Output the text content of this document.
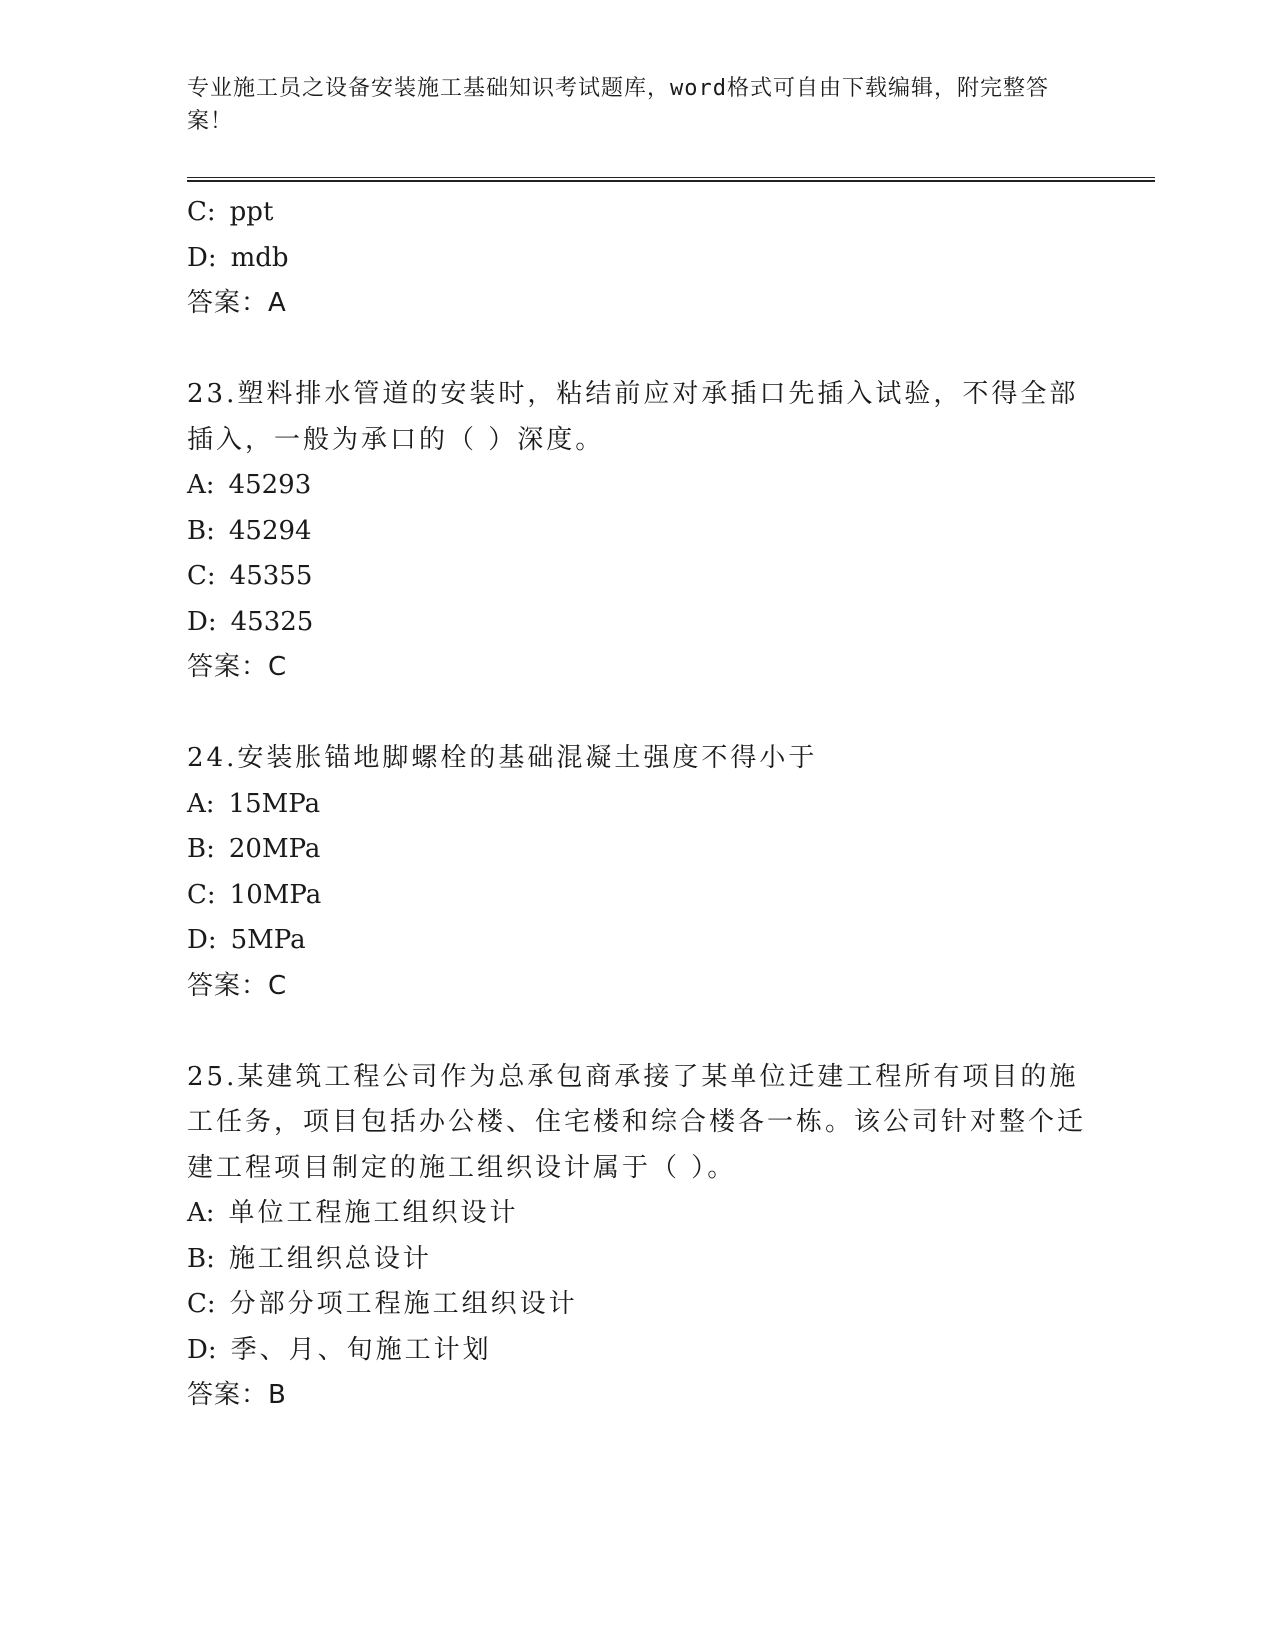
专业施工员之设备安装施工基础知识考试题库，word格式可自由下载编辑，附完整答案！
C: ppt
D: mdb
答案：A
23.塑料排水管道的安装时，粘结前应对承插口先插入试验，不得全部插入，一般为承口的（ ）深度。
A: 45293
B: 45294
C: 45355
D: 45325
答案：C
24.安装胀锚地脚螺栓的基础混凝土强度不得小于
A: 15MPa
B: 20MPa
C: 10MPa
D: 5MPa
答案：C
25.某建筑工程公司作为总承包商承接了某单位迁建工程所有项目的施工任务，项目包括办公楼、住宅楼和综合楼各一栋。该公司针对整个迁建工程项目制定的施工组织设计属于（ ）。
A: 单位工程施工组织设计
B: 施工组织总设计
C: 分部分项工程施工组织设计
D: 季、月、旬施工计划
答案：B
